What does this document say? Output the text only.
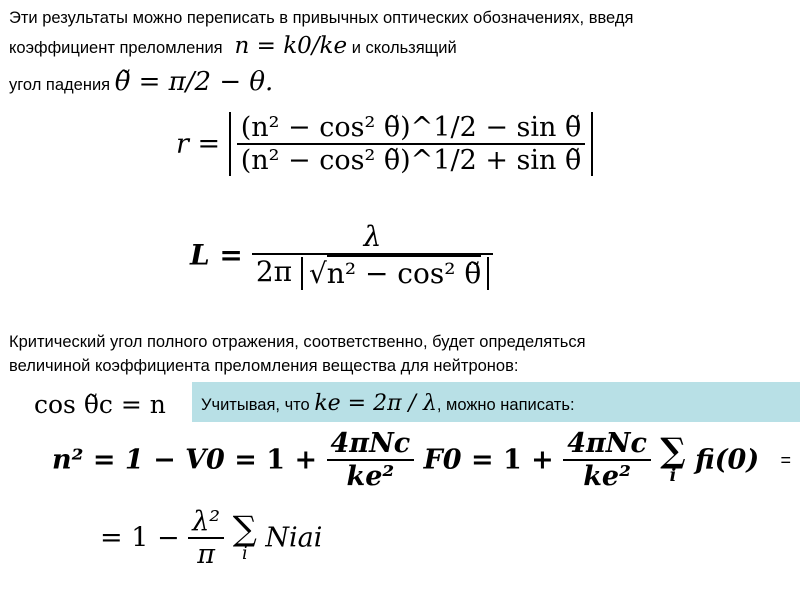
Эти результаты можно переписать в привычных оптических обозначениях, введя
коэффициент преломления n = k0/ke и скользящий
угол падения θ̃ = π/2 − θ.
$r = \frac{\text{(n² − cos² θ̃)\textasciicircum{}1/2 − sin θ̃}}{\text{(n² − cos² θ̃)\textasciicircum{}1/2 + sin θ̃}}$
$L = \frac{\lambda}{\text{2π √n² − cos² θ̃}}$
Критический угол полного отражения, соответственно, будет определяться
величиной коэффициента преломления вещества для нейтронов:
cos θ̃c = n	Учитывая, что ke = 2π / λ, можно написать:
$n^2 = 1 - V0 = 1 + \frac{\text{4πNc}}{\text{ke²}} F0 = 1 + \frac{\text{4πNc}}{\text{ke²}}$
∑
i
fi(0) =
= $1 - \frac{\text{λ²}}{\pi}$
∑
i
Niai
